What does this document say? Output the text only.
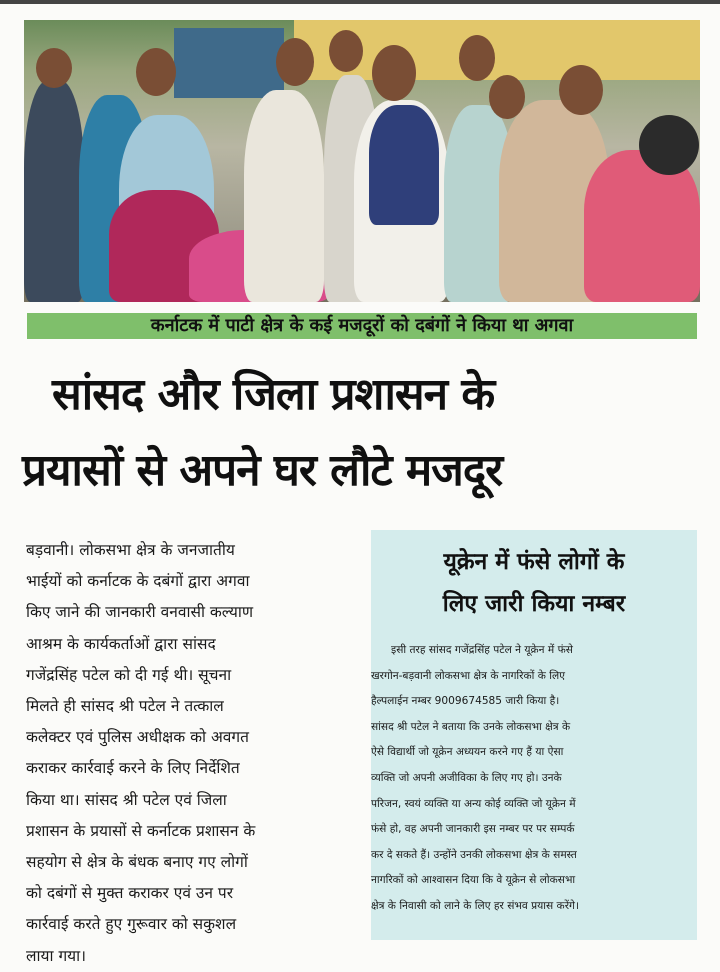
कर्नाटक में पाटी क्षेत्र के कई मजदूरों को दबंगों ने किया था अगवा
सांसद और जिला प्रशासन के
प्रयासों से अपने घर लौटे मजदूर
बड़वानी। लोकसभा क्षेत्र के जनजातीय
भाईयों को कर्नाटक के दबंगों द्वारा अगवा
किए जाने की जानकारी वनवासी कल्याण
आश्रम के कार्यकर्ताओं द्वारा सांसद
गजेंद्रसिंह पटेल को दी गई थी। सूचना
मिलते ही सांसद श्री पटेल ने तत्काल
कलेक्टर एवं पुलिस अधीक्षक को अवगत
कराकर कार्रवाई करने के लिए निर्देशित
किया था। सांसद श्री पटेल एवं जिला
प्रशासन के प्रयासों से कर्नाटक प्रशासन के
सहयोग से क्षेत्र के बंधक बनाए गए लोगों
को दबंगों से मुक्त कराकर एवं उन पर
कार्रवाई करते हुए गुरूवार को सकुशल
लाया गया।
यूक्रेन में फंसे लोगों के
लिए जारी किया नम्बर
इसी तरह सांसद गजेंद्रसिंह पटेल ने यूक्रेन में फंसे
खरगोन-बड़वानी लोकसभा क्षेत्र के नागरिकों के लिए
हैल्पलाईन नम्बर 9009674585 जारी किया है।
सांसद श्री पटेल ने बताया कि उनके लोकसभा क्षेत्र के
ऐसे विद्यार्थी जो यूक्रेन अध्ययन करने गए हैं या ऐसा
व्यक्ति जो अपनी अजीविका के लिए गए हो। उनके
परिजन, स्वयं व्यक्ति या अन्य कोई व्यक्ति जो यूक्रेन में
फंसे हो, वह अपनी जानकारी इस नम्बर पर पर सम्पर्क
कर दे सकते हैं। उन्होंने उनकी लोकसभा क्षेत्र के समस्त
नागरिकों को आश्वासन दिया कि वे यूक्रेन से लोकसभा
क्षेत्र के निवासी को लाने के लिए हर संभव प्रयास करेंगे।
